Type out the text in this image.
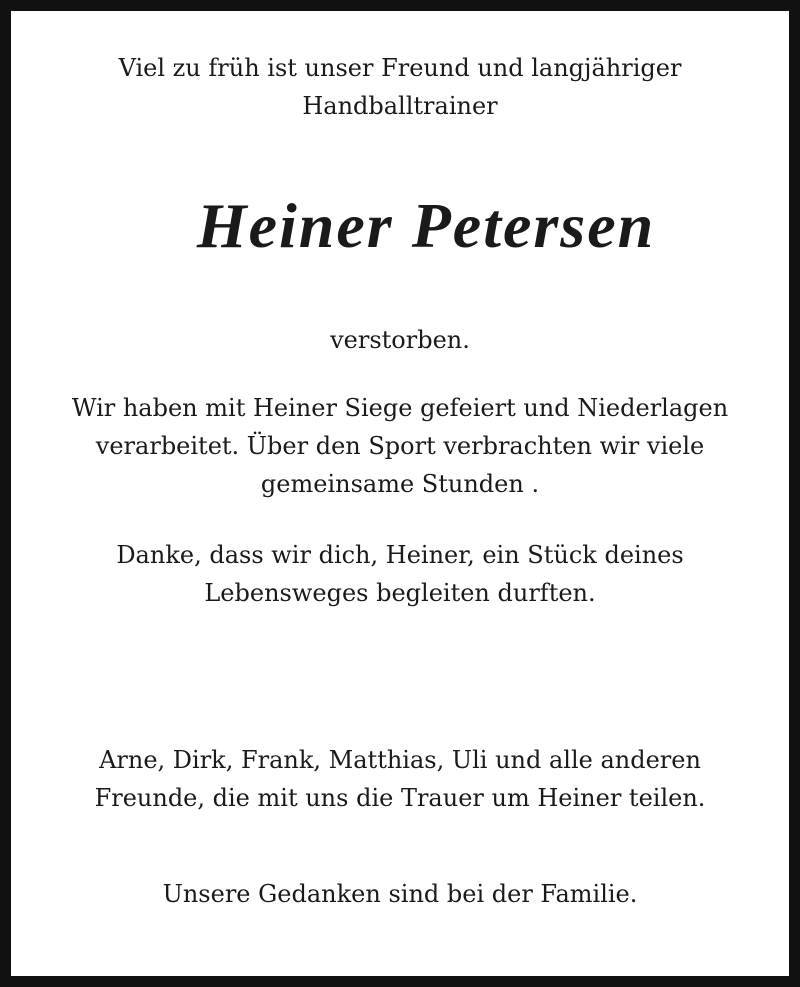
Viel zu früh ist unser Freund und langjähriger
Handballtrainer
Heiner Petersen
verstorben.
Wir haben mit Heiner Siege gefeiert und Niederlagen
verarbeitet. Über den Sport verbrachten wir viele
gemeinsame Stunden .
Danke, dass wir dich, Heiner, ein Stück deines
Lebensweges begleiten durften.
Arne, Dirk, Frank, Matthias, Uli und alle anderen
Freunde, die mit uns die Trauer um Heiner teilen.
Unsere Gedanken sind bei der Familie.
